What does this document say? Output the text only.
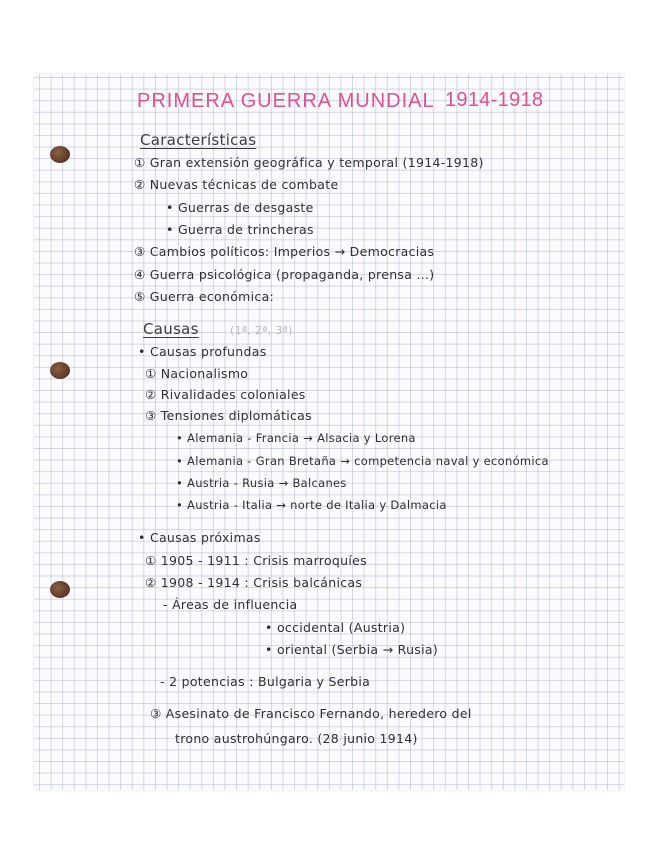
PRIMERA GUERRA MUNDIAL 1914-1918
Características
① Gran extensión geográfica y temporal (1914-1918)
② Nuevas técnicas de combate
• Guerras de desgaste
• Guerra de trincheras
③ Cambios políticos: Imperios → Democracias
④ Guerra psicológica (propaganda, prensa ...)
⑤ Guerra económica:
Causas	(1ª, 2ª, 3ª)
• Causas profundas
① Nacionalismo
② Rivalidades coloniales
③ Tensiones diplomáticas
• Alemania - Francia → Alsacia y Lorena
• Alemania - Gran Bretaña → competencia naval y económica
• Austria - Rusia → Balcanes
• Austria - Italia → norte de Italia y Dalmacia
• Causas próximas
① 1905 - 1911 : Crisis marroquíes
② 1908 - 1914 : Crisis balcánicas
- Áreas de influencia
• occidental (Austria)
• oriental (Serbia → Rusia)
- 2 potencias : Bulgaria y Serbia
③ Asesinato de Francisco Fernando, heredero del
trono austrohúngaro. (28 junio 1914)
